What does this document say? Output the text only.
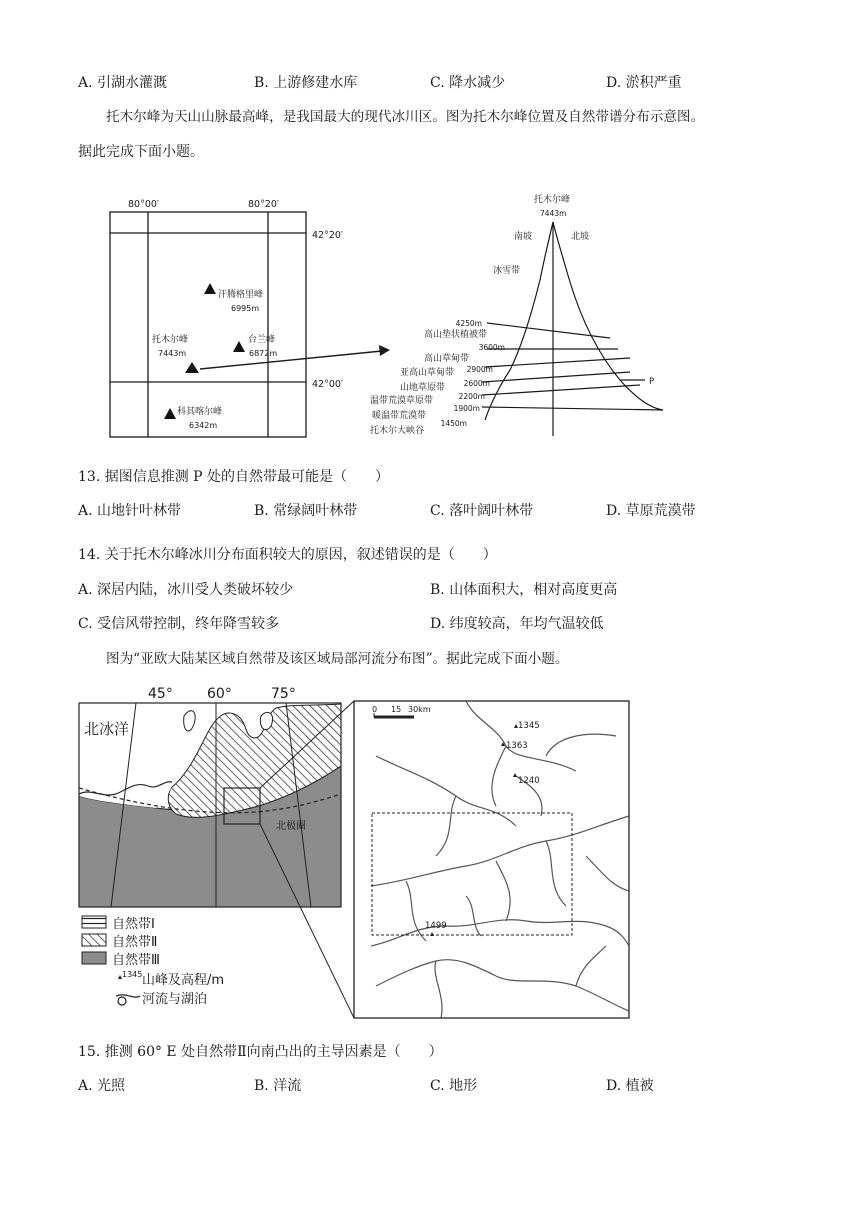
A. 引湖水灌溉	B. 上游修建水库	C. 降水减少	D. 淤积严重
托木尔峰为天山山脉最高峰，是我国最大的现代冰川区。图为托木尔峰位置及自然带谱分布示意图。
据此完成下面小题。
80°00′	80°20′
42°20′
42°00′
汗腾格里峰
6995m
托木尔峰
7443m
台兰峰
6872m
科其喀尔峰
6342m
托木尔峰
7443m
南坡	北坡
冰雪带
4250m
高山垫状植被带
3600m
高山草甸带
2900m
亚高山草甸带
2600m
山地草原带
2200m
温带荒漠草原带
1900m
暖温带荒漠带
1450m
托木尔大峡谷
P
13. 据图信息推测 P 处的自然带最可能是（　　）
A. 山地针叶林带	B. 常绿阔叶林带	C. 落叶阔叶林带	D. 草原荒漠带
14. 关于托木尔峰冰川分布面积较大的原因，叙述错误的是（　　）
A. 深居内陆，冰川受人类破坏较少	B. 山体面积大，相对高度更高
C. 受信风带控制，终年降雪较多	D. 纬度较高，年均气温较低
图为“亚欧大陆某区域自然带及该区域局部河流分布图”。据此完成下面小题。
45° 60°	75°
北冰洋
北极圈
自然带Ⅰ
自然带Ⅱ
自然带Ⅲ
1345 山峰及高程/m
河流与湖泊
0 15 30km
1345
1363
1240
1499
15. 推测 60° E 处自然带Ⅱ向南凸出的主导因素是（　　）
A. 光照	B. 洋流	C. 地形	D. 植被
